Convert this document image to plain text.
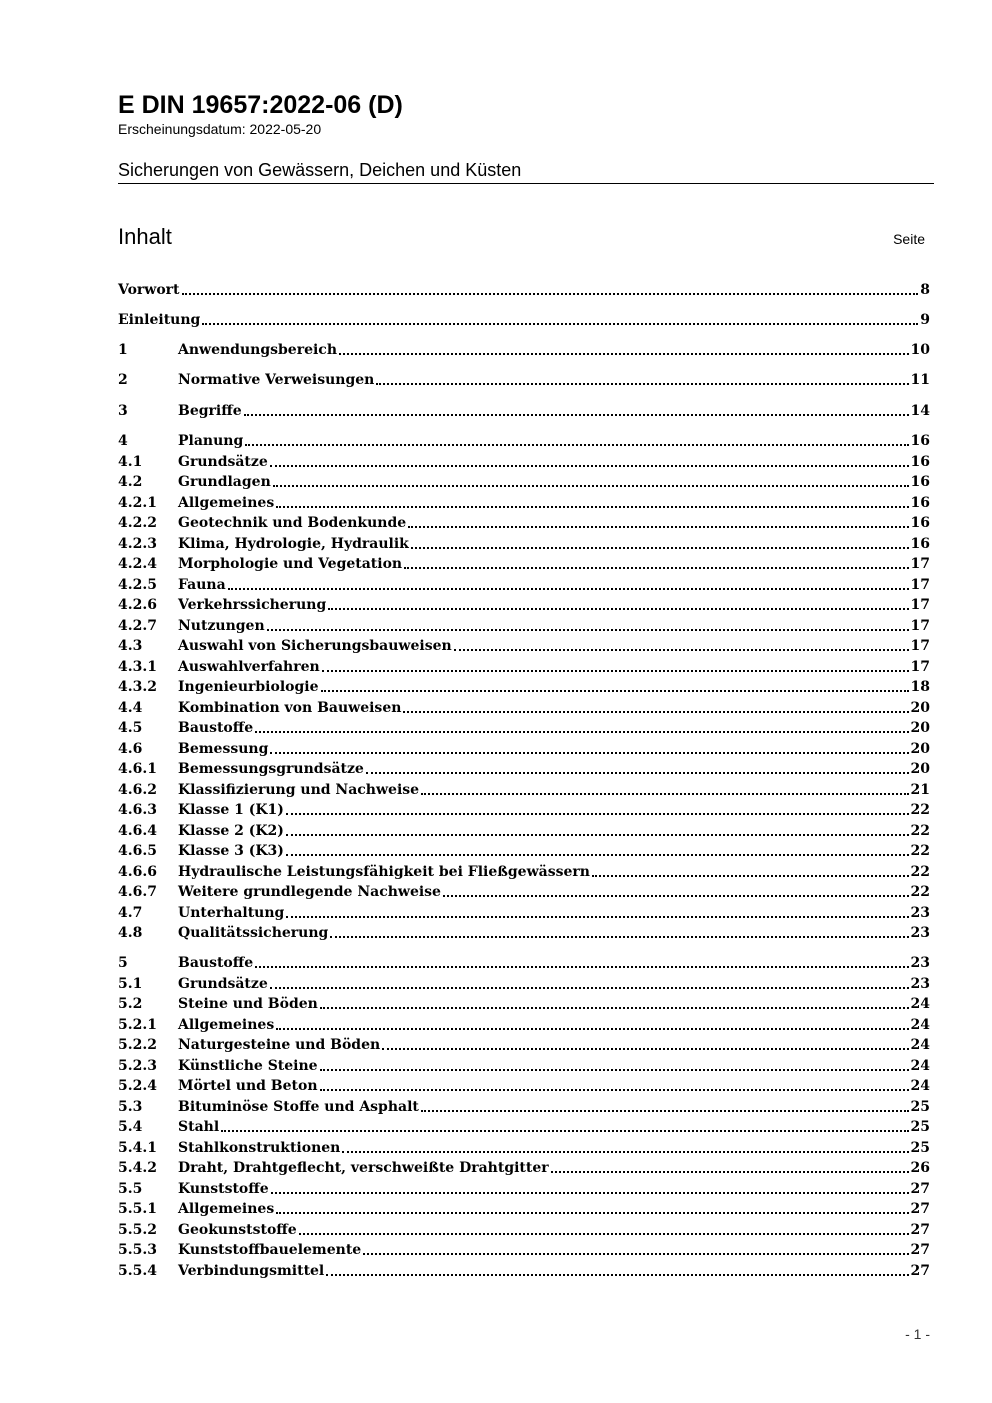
E DIN 19657:2022-06 (D)
Erscheinungsdatum: 2022-05-20
Sicherungen von Gewässern, Deichen und Küsten
Inhalt	Seite
Vorwort	8
Einleitung	9
1	Anwendungsbereich	10
2	Normative Verweisungen	11
3	Begriffe	14
4	Planung	16
4.1	Grundsätze	16
4.2	Grundlagen	16
4.2.1	Allgemeines	16
4.2.2	Geotechnik und Bodenkunde	16
4.2.3	Klima, Hydrologie, Hydraulik	16
4.2.4	Morphologie und Vegetation	17
4.2.5	Fauna	17
4.2.6	Verkehrssicherung	17
4.2.7	Nutzungen	17
4.3	Auswahl von Sicherungsbauweisen	17
4.3.1	Auswahlverfahren	17
4.3.2	Ingenieurbiologie	18
4.4	Kombination von Bauweisen	20
4.5	Baustoffe	20
4.6	Bemessung	20
4.6.1	Bemessungsgrundsätze	20
4.6.2	Klassifizierung und Nachweise	21
4.6.3	Klasse 1 (K1)	22
4.6.4	Klasse 2 (K2)	22
4.6.5	Klasse 3 (K3)	22
4.6.6	Hydraulische Leistungsfähigkeit bei Fließgewässern	22
4.6.7	Weitere grundlegende Nachweise	22
4.7	Unterhaltung	23
4.8	Qualitätssicherung	23
5	Baustoffe	23
5.1	Grundsätze	23
5.2	Steine und Böden	24
5.2.1	Allgemeines	24
5.2.2	Naturgesteine und Böden	24
5.2.3	Künstliche Steine	24
5.2.4	Mörtel und Beton	24
5.3	Bituminöse Stoffe und Asphalt	25
5.4	Stahl	25
5.4.1	Stahlkonstruktionen	25
5.4.2	Draht, Drahtgeflecht, verschweißte Drahtgitter	26
5.5	Kunststoffe	27
5.5.1	Allgemeines	27
5.5.2	Geokunststoffe	27
5.5.3	Kunststoffbauelemente	27
5.5.4	Verbindungsmittel	27
- 1 -
